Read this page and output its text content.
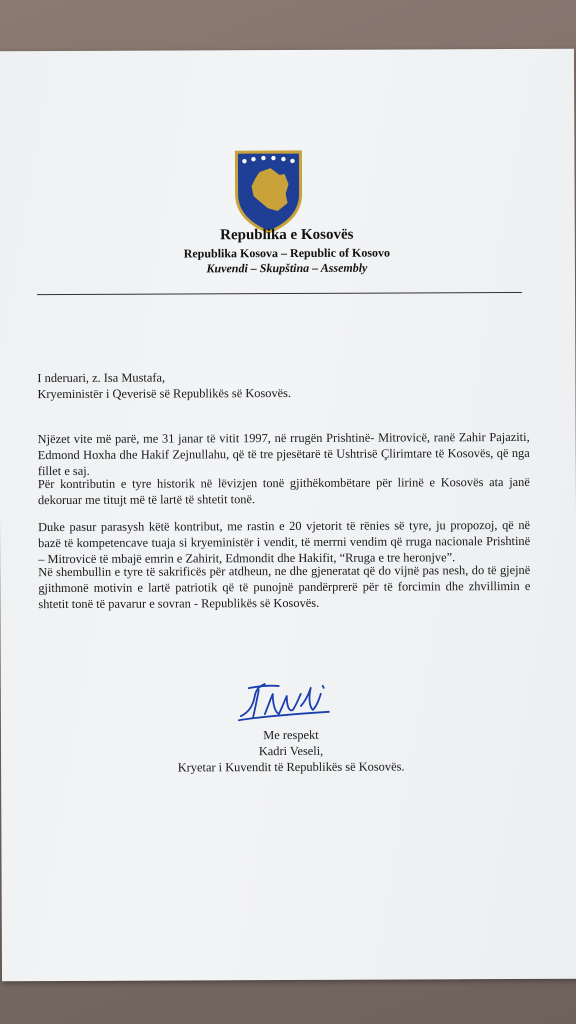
Republika e Kosovës
Republika Kosova – Republic of Kosovo
Kuvendi – Skupština – Assembly
I nderuari, z. Isa Mustafa,
Kryeministër i Qeverisë së Republikës së Kosovës.
Njëzet vite më parë, me 31 janar të vitit 1997, në rrugën Prishtinë- Mitrovicë, ranë Zahir Pajaziti, Edmond Hoxha dhe Hakif Zejnullahu, që të tre pjesëtarë të Ushtrisë Çlirimtare të Kosovës, që nga fillet e saj.
Për kontributin e tyre historik në lëvizjen tonë gjithëkombëtare për lirinë e Kosovës ata janë dekoruar me titujt më të lartë të shtetit tonë.
Duke pasur parasysh këtë kontribut, me rastin e 20 vjetorit të rënies së tyre, ju propozoj, që në bazë të kompetencave tuaja si kryeministër i vendit, të merrni vendim që rruga nacionale Prishtinë – Mitrovicë të mbajë emrin e Zahirit, Edmondit dhe Hakifit, “Rruga e tre heronjve”.
Në shembullin e tyre të sakrificës për atdheun, ne dhe gjeneratat që do vijnë pas nesh, do të gjejnë gjithmonë motivin e lartë patriotik që të punojnë pandërprerë për të forcimin dhe zhvillimin e shtetit tonë të pavarur e sovran - Republikës së Kosovës.
Me respekt
Kadri Veseli,
Kryetar i Kuvendit të Republikës së Kosovës.
